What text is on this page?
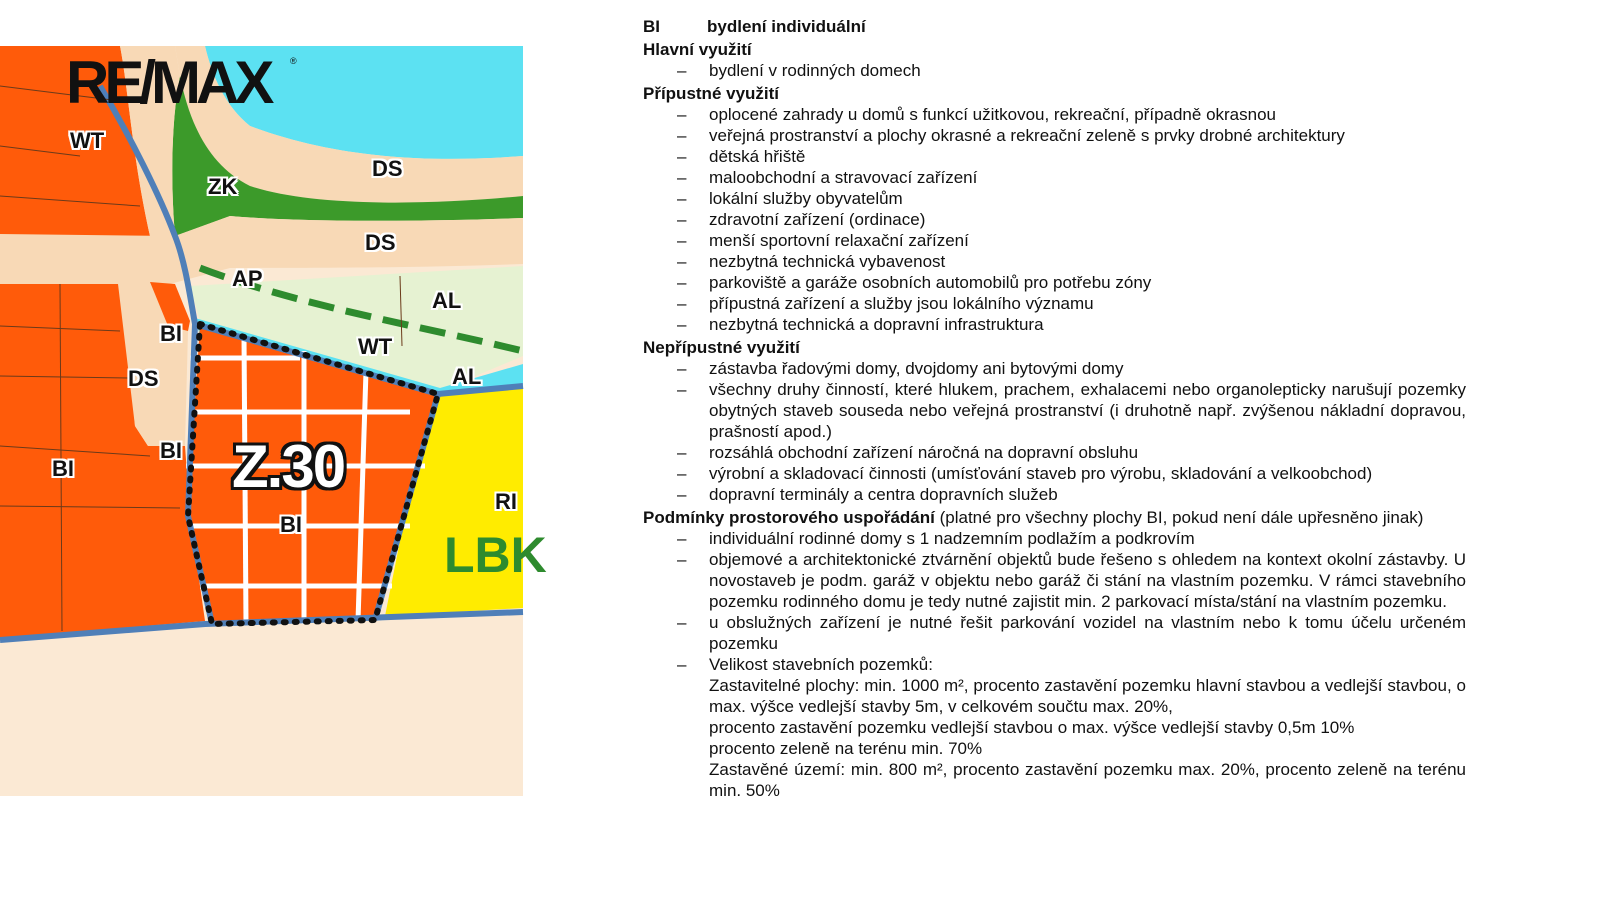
RE/MAX ®
WT
ZK
DS
DS
AP
AL
BI
WT
DS	AL
BI
BI
BI
RI
Z.30
LBK
BI	bydlení individuální
Hlavní využití
– bydlení v rodinných domech
Přípustné využití
– oplocené zahrady u domů s funkcí užitkovou, rekreační, případně okrasnou
– veřejná prostranství a plochy okrasné a rekreační zeleně s prvky drobné architektury
– dětská hřiště
– maloobchodní a stravovací zařízení
– lokální služby obyvatelům
– zdravotní zařízení (ordinace)
– menší sportovní relaxační zařízení
– nezbytná technická vybavenost
– parkoviště a garáže osobních automobilů pro potřebu zóny
– přípustná zařízení a služby jsou lokálního významu
– nezbytná technická a dopravní infrastruktura
Nepřípustné využití
– zástavba řadovými domy, dvojdomy ani bytovými domy
– všechny druhy činností, které hlukem, prachem, exhalacemi nebo organolepticky narušují pozemky obytných staveb souseda nebo veřejná prostranství (i druhotně např. zvýšenou nákladní dopravou, prašností apod.)
– rozsáhlá obchodní zařízení náročná na dopravní obsluhu
– výrobní a skladovací činnosti (umísťování staveb pro výrobu, skladování a velkoobchod)
– dopravní terminály a centra dopravních služeb
Podmínky prostorového uspořádání (platné pro všechny plochy BI, pokud není dále upřesněno jinak)
– individuální rodinné domy s 1 nadzemním podlažím a podkrovím
– objemové a architektonické ztvárnění objektů bude řešeno s ohledem na kontext okolní zástavby. U novostaveb je podm. garáž v objektu nebo garáž či stání na vlastním pozemku. V rámci stavebního pozemku rodinného domu je tedy nutné zajistit min. 2 parkovací místa/stání na vlastním pozemku.
– u obslužných zařízení je nutné řešit parkování vozidel na vlastním nebo k tomu účelu určeném pozemku
– Velikost stavebních pozemků:
Zastavitelné plochy: min. 1000 m², procento zastavění pozemku hlavní stavbou a vedlejší stavbou, o max. výšce vedlejší stavby 5m, v celkovém součtu max. 20%,
procento zastavění pozemku vedlejší stavbou o max. výšce vedlejší stavby 0,5m 10%
procento zeleně na terénu min. 70%
Zastavěné území: min. 800 m², procento zastavění pozemku max. 20%, procento zeleně na terénu min. 50%
